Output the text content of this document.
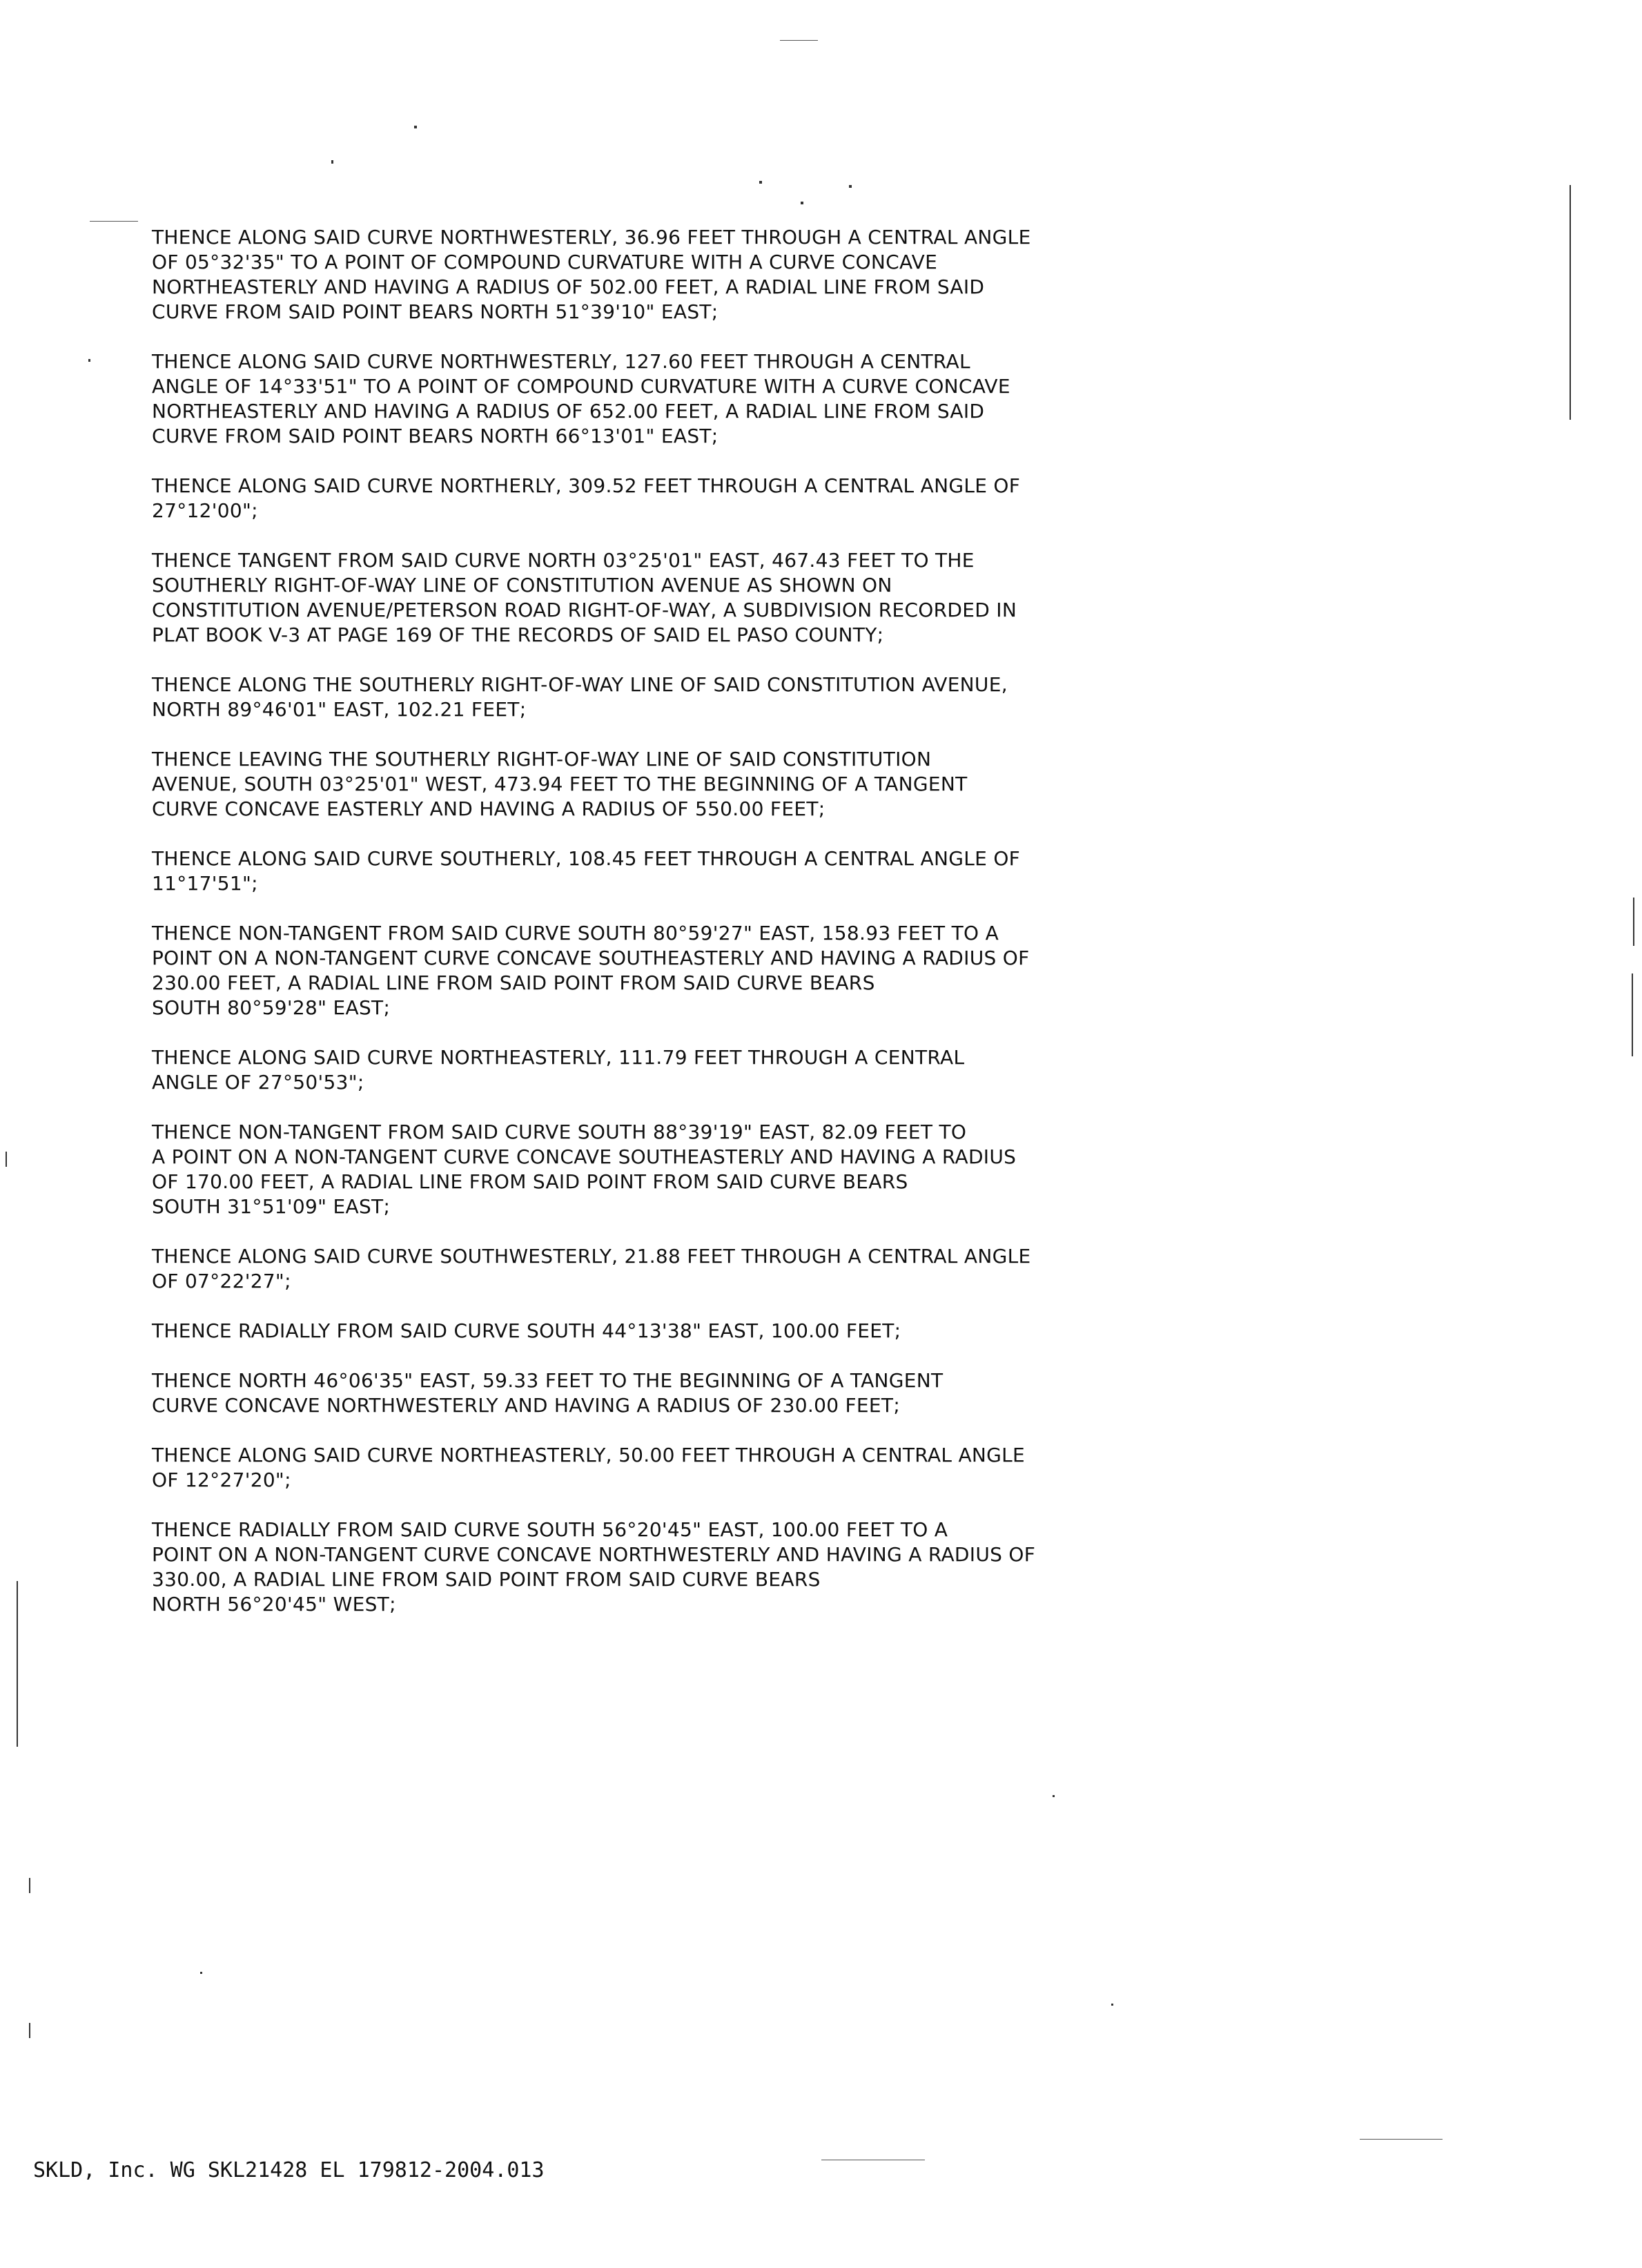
THENCE ALONG SAID CURVE NORTHWESTERLY, 36.96 FEET THROUGH A CENTRAL ANGLE
OF 05°32'35" TO A POINT OF COMPOUND CURVATURE WITH A CURVE CONCAVE
NORTHEASTERLY AND HAVING A RADIUS OF 502.00 FEET, A RADIAL LINE FROM SAID
CURVE FROM SAID POINT BEARS NORTH 51°39'10" EAST;
THENCE ALONG SAID CURVE NORTHWESTERLY, 127.60 FEET THROUGH A CENTRAL
ANGLE OF 14°33'51" TO A POINT OF COMPOUND CURVATURE WITH A CURVE CONCAVE
NORTHEASTERLY AND HAVING A RADIUS OF 652.00 FEET, A RADIAL LINE FROM SAID
CURVE FROM SAID POINT BEARS NORTH 66°13'01" EAST;
THENCE ALONG SAID CURVE NORTHERLY, 309.52 FEET THROUGH A CENTRAL ANGLE OF
27°12'00";
THENCE TANGENT FROM SAID CURVE NORTH 03°25'01" EAST, 467.43 FEET TO THE
SOUTHERLY RIGHT-OF-WAY LINE OF CONSTITUTION AVENUE AS SHOWN ON
CONSTITUTION AVENUE/PETERSON ROAD RIGHT-OF-WAY, A SUBDIVISION RECORDED IN
PLAT BOOK V-3 AT PAGE 169 OF THE RECORDS OF SAID EL PASO COUNTY;
THENCE ALONG THE SOUTHERLY RIGHT-OF-WAY LINE OF SAID CONSTITUTION AVENUE,
NORTH 89°46'01" EAST, 102.21 FEET;
THENCE LEAVING THE SOUTHERLY RIGHT-OF-WAY LINE OF SAID CONSTITUTION
AVENUE, SOUTH 03°25'01" WEST, 473.94 FEET TO THE BEGINNING OF A TANGENT
CURVE CONCAVE EASTERLY AND HAVING A RADIUS OF 550.00 FEET;
THENCE ALONG SAID CURVE SOUTHERLY, 108.45 FEET THROUGH A CENTRAL ANGLE OF
11°17'51";
THENCE NON-TANGENT FROM SAID CURVE SOUTH 80°59'27" EAST, 158.93 FEET TO A
POINT ON A NON-TANGENT CURVE CONCAVE SOUTHEASTERLY AND HAVING A RADIUS OF
230.00 FEET, A RADIAL LINE FROM SAID POINT FROM SAID CURVE BEARS
SOUTH 80°59'28" EAST;
THENCE ALONG SAID CURVE NORTHEASTERLY, 111.79 FEET THROUGH A CENTRAL
ANGLE OF 27°50'53";
THENCE NON-TANGENT FROM SAID CURVE SOUTH 88°39'19" EAST, 82.09 FEET TO
A POINT ON A NON-TANGENT CURVE CONCAVE SOUTHEASTERLY AND HAVING A RADIUS
OF 170.00 FEET, A RADIAL LINE FROM SAID POINT FROM SAID CURVE BEARS
SOUTH 31°51'09" EAST;
THENCE ALONG SAID CURVE SOUTHWESTERLY, 21.88 FEET THROUGH A CENTRAL ANGLE
OF 07°22'27";
THENCE RADIALLY FROM SAID CURVE SOUTH 44°13'38" EAST, 100.00 FEET;
THENCE NORTH 46°06'35" EAST, 59.33 FEET TO THE BEGINNING OF A TANGENT
CURVE CONCAVE NORTHWESTERLY AND HAVING A RADIUS OF 230.00 FEET;
THENCE ALONG SAID CURVE NORTHEASTERLY, 50.00 FEET THROUGH A CENTRAL ANGLE
OF 12°27'20";
THENCE RADIALLY FROM SAID CURVE SOUTH 56°20'45" EAST, 100.00 FEET TO A
POINT ON A NON-TANGENT CURVE CONCAVE NORTHWESTERLY AND HAVING A RADIUS OF
330.00, A RADIAL LINE FROM SAID POINT FROM SAID CURVE BEARS
NORTH 56°20'45" WEST;
SKLD, Inc. WG SKL21428 EL 179812-2004.013
